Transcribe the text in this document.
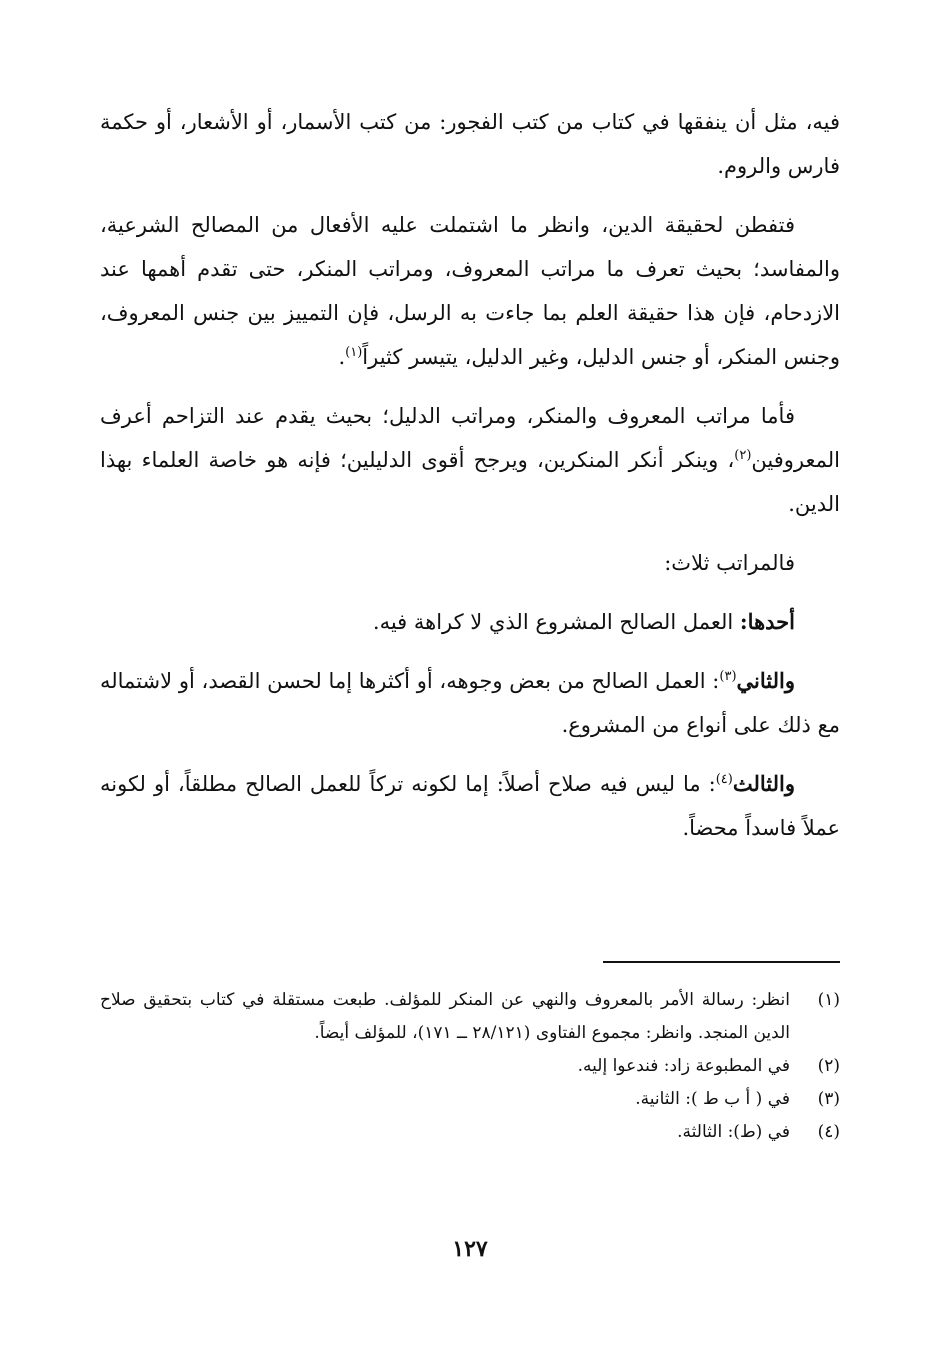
فيه، مثل أن ينفقها في كتاب من كتب الفجور: من كتب الأسمار، أو الأشعار، أو حكمة فارس والروم.

فتفطن لحقيقة الدين، وانظر ما اشتملت عليه الأفعال من المصالح الشرعية، والمفاسد؛ بحيث تعرف ما مراتب المعروف، ومراتب المنكر، حتى تقدم أهمها عند الازدحام، فإن هذا حقيقة العلم بما جاءت به الرسل، فإن التمييز بين جنس المعروف، وجنس المنكر، أو جنس الدليل، وغير الدليل، يتيسر كثيراً$^{(١)}$.

فأما مراتب المعروف والمنكر، ومراتب الدليل؛ بحيث يقدم عند التزاحم أعرف المعروفين$^{(٢)}$، وينكر أنكر المنكرين، ويرجح أقوى الدليلين؛ فإنه هو خاصة العلماء بهذا الدين.

فالمراتب ثلاث:

أحدها: العمل الصالح المشروع الذي لا كراهة فيه.

والثاني$^{(٣)}$: العمل الصالح من بعض وجوهه، أو أكثرها إما لحسن القصد، أو لاشتماله مع ذلك على أنواع من المشروع.

والثالث$^{(٤)}$: ما ليس فيه صلاح أصلاً: إما لكونه تركاً للعمل الصالح مطلقاً، أو لكونه عملاً فاسداً محضاً.

(١)
انظر: رسالة الأمر بالمعروف والنهي عن المنكر للمؤلف. طبعت مستقلة في كتاب بتحقيق صلاح الدين المنجد. وانظر: مجموع الفتاوى (٢٨/١٢١ ــ ١٧١)، للمؤلف أيضاً.
(٢)
في المطبوعة زاد: فندعوا إليه.
(٣)
في ( أ ب ط ): الثانية.
(٤)
في (ط): الثالثة.
١٢٧
